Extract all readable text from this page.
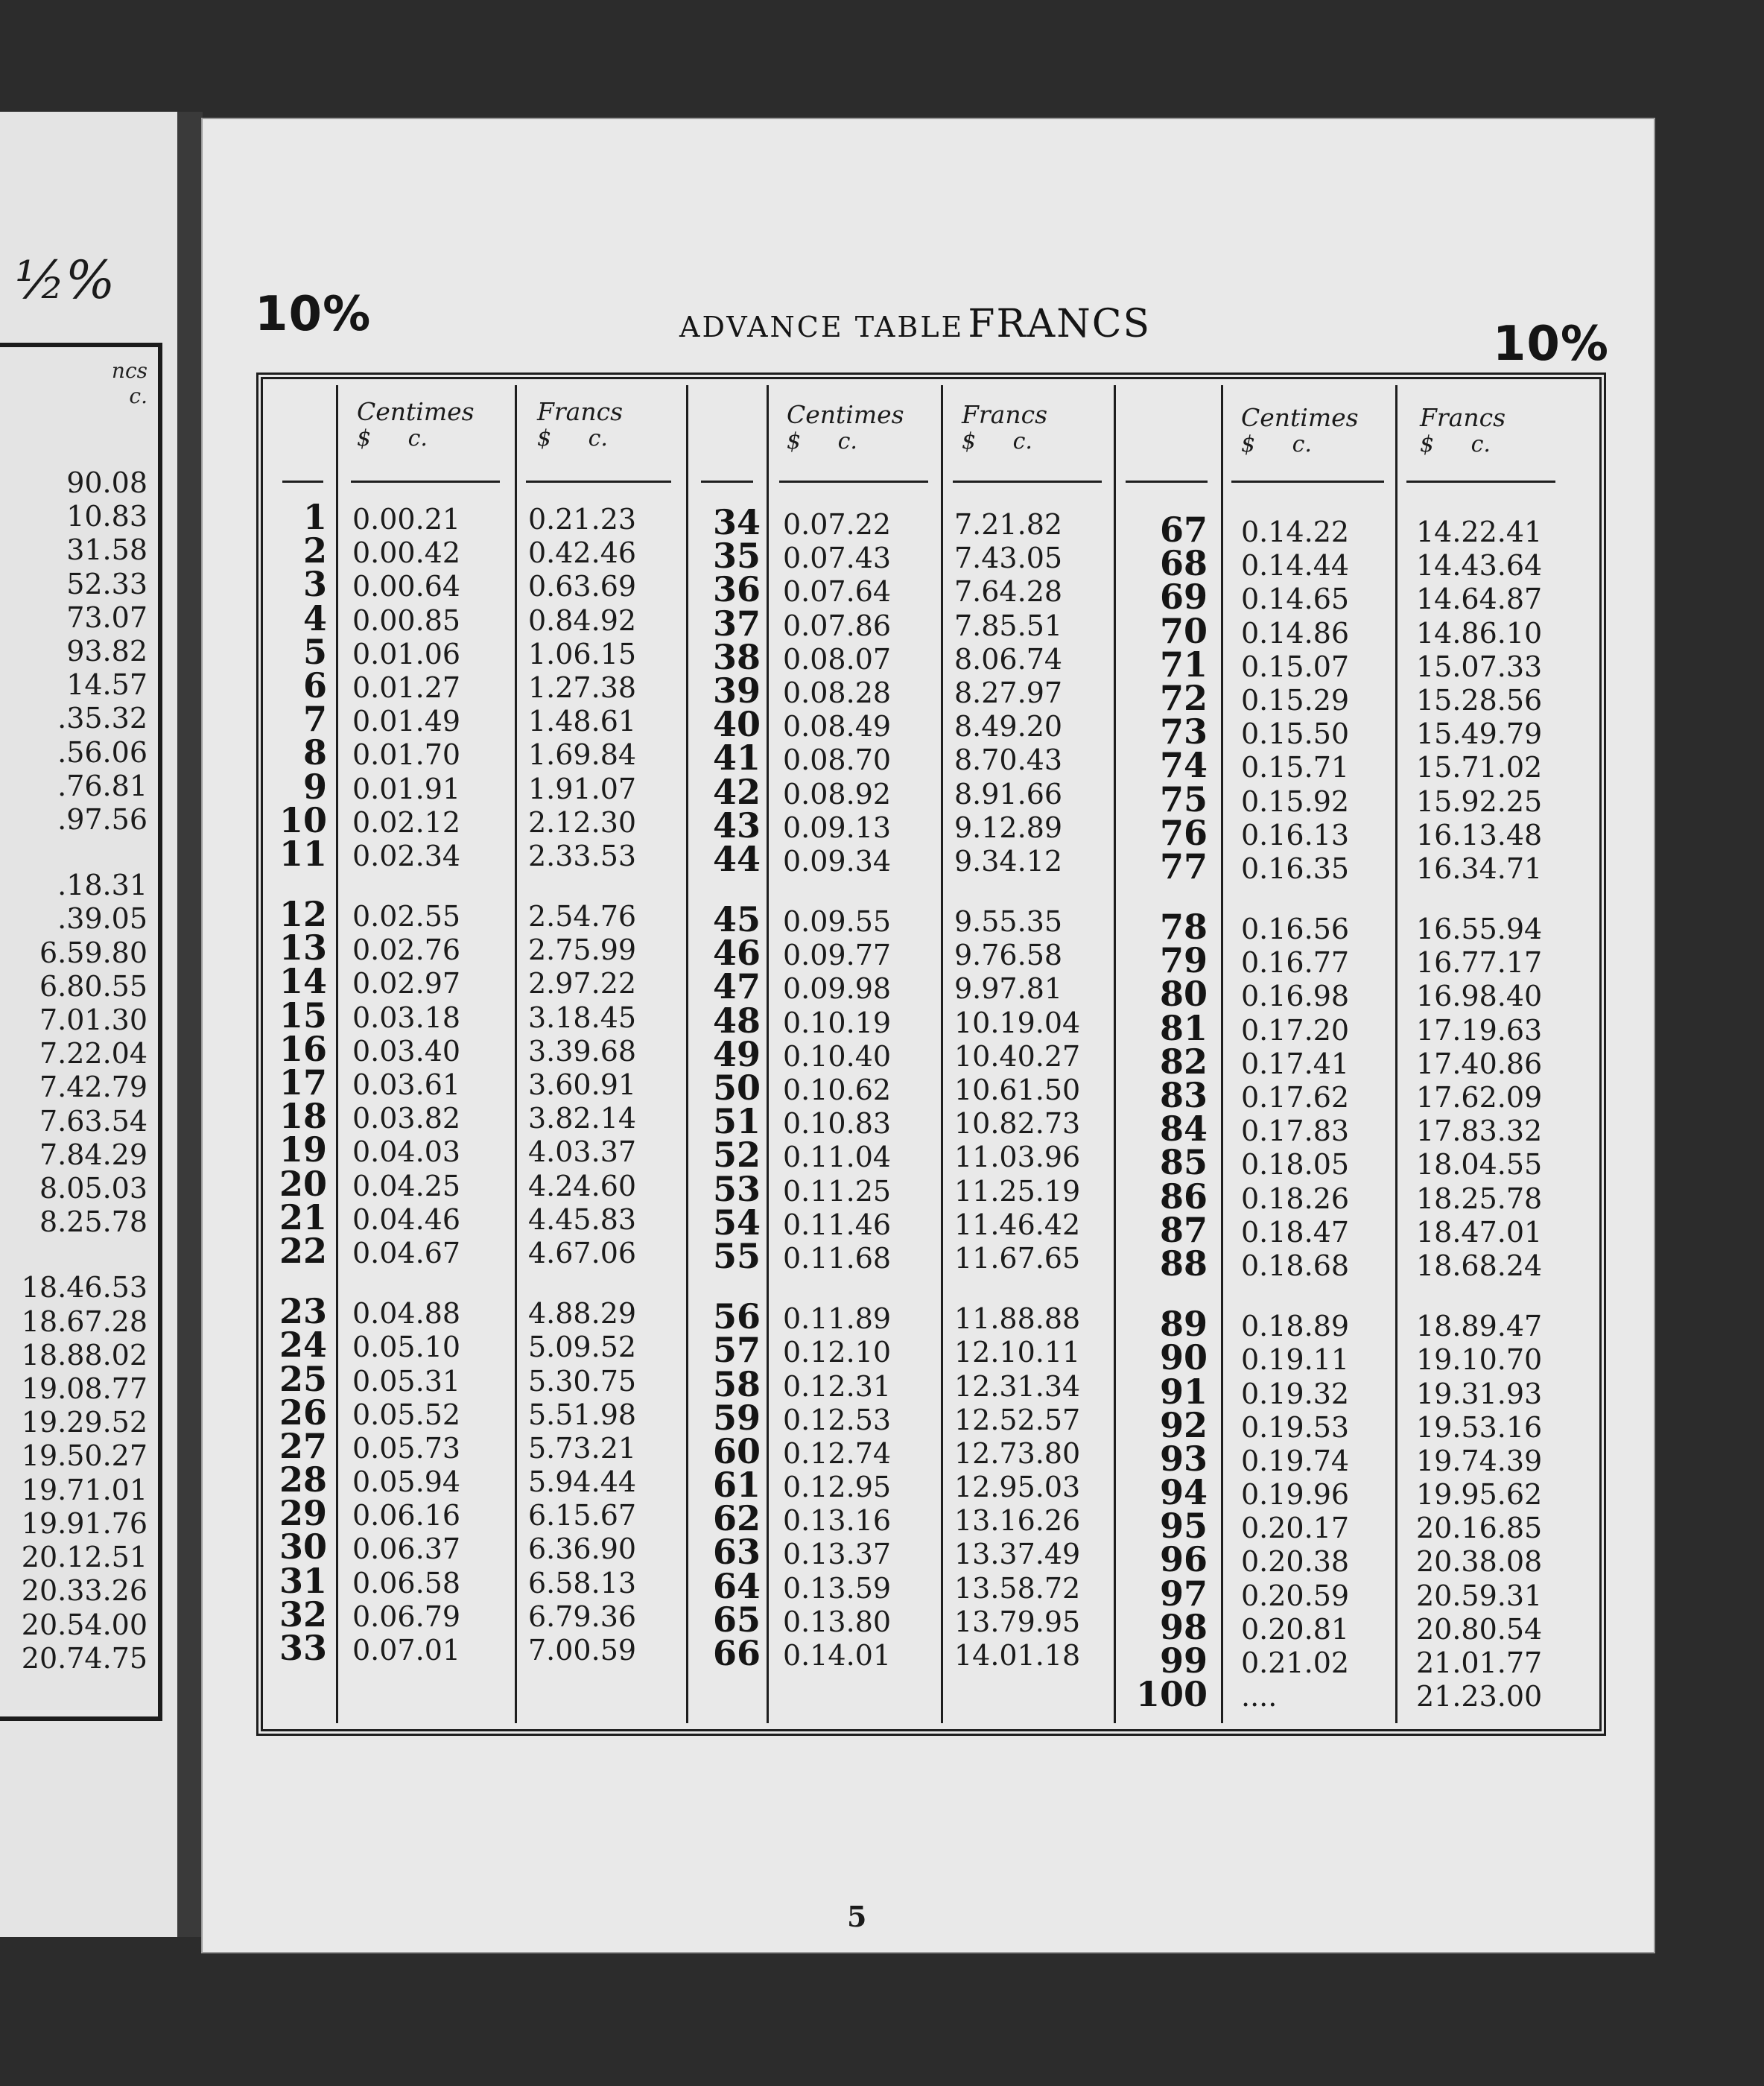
½%
ncs
c.
90.08
10.83
31.58
52.33
73.07
93.82
14.57
.35.32
.56.06
.76.81
.97.56
.18.31
.39.05
6.59.80
6.80.55
7.01.30
7.22.04
7.42.79
7.63.54
7.84.29
8.05.03
8.25.78
18.46.53
18.67.28
18.88.02
19.08.77
19.29.52
19.50.27
19.71.01
19.91.76
20.12.51
20.33.26
20.54.00
20.74.75
10%	ADVANCE TABLE FRANCS	10%
Centimes
$ c.
Francs
$ c.
Centimes
$ c.
Francs
$ c.
Centimes
$ c.
Francs
$ c.
1
2
3
4
5
6
7
8
9
10
11
12
13
14
15
16
17
18
19
20
21
22
23
24
25
26
27
28
29
30
31
32
33
0.00.21
0.00.42
0.00.64
0.00.85
0.01.06
0.01.27
0.01.49
0.01.70
0.01.91
0.02.12
0.02.34
0.02.55
0.02.76
0.02.97
0.03.18
0.03.40
0.03.61
0.03.82
0.04.03
0.04.25
0.04.46
0.04.67
0.04.88
0.05.10
0.05.31
0.05.52
0.05.73
0.05.94
0.06.16
0.06.37
0.06.58
0.06.79
0.07.01
0.21.23
0.42.46
0.63.69
0.84.92
1.06.15
1.27.38
1.48.61
1.69.84
1.91.07
2.12.30
2.33.53
2.54.76
2.75.99
2.97.22
3.18.45
3.39.68
3.60.91
3.82.14
4.03.37
4.24.60
4.45.83
4.67.06
4.88.29
5.09.52
5.30.75
5.51.98
5.73.21
5.94.44
6.15.67
6.36.90
6.58.13
6.79.36
7.00.59
34
35
36
37
38
39
40
41
42
43
44
45
46
47
48
49
50
51
52
53
54
55
56
57
58
59
60
61
62
63
64
65
66
0.07.22
0.07.43
0.07.64
0.07.86
0.08.07
0.08.28
0.08.49
0.08.70
0.08.92
0.09.13
0.09.34
0.09.55
0.09.77
0.09.98
0.10.19
0.10.40
0.10.62
0.10.83
0.11.04
0.11.25
0.11.46
0.11.68
0.11.89
0.12.10
0.12.31
0.12.53
0.12.74
0.12.95
0.13.16
0.13.37
0.13.59
0.13.80
0.14.01
7.21.82
7.43.05
7.64.28
7.85.51
8.06.74
8.27.97
8.49.20
8.70.43
8.91.66
9.12.89
9.34.12
9.55.35
9.76.58
9.97.81
10.19.04
10.40.27
10.61.50
10.82.73
11.03.96
11.25.19
11.46.42
11.67.65
11.88.88
12.10.11
12.31.34
12.52.57
12.73.80
12.95.03
13.16.26
13.37.49
13.58.72
13.79.95
14.01.18
67
68
69
70
71
72
73
74
75
76
77
78
79
80
81
82
83
84
85
86
87
88
89
90
91
92
93
94
95
96
97
98
99
100
0.14.22
0.14.44
0.14.65
0.14.86
0.15.07
0.15.29
0.15.50
0.15.71
0.15.92
0.16.13
0.16.35
0.16.56
0.16.77
0.16.98
0.17.20
0.17.41
0.17.62
0.17.83
0.18.05
0.18.26
0.18.47
0.18.68
0.18.89
0.19.11
0.19.32
0.19.53
0.19.74
0.19.96
0.20.17
0.20.38
0.20.59
0.20.81
0.21.02
....
14.22.41
14.43.64
14.64.87
14.86.10
15.07.33
15.28.56
15.49.79
15.71.02
15.92.25
16.13.48
16.34.71
16.55.94
16.77.17
16.98.40
17.19.63
17.40.86
17.62.09
17.83.32
18.04.55
18.25.78
18.47.01
18.68.24
18.89.47
19.10.70
19.31.93
19.53.16
19.74.39
19.95.62
20.16.85
20.38.08
20.59.31
20.80.54
21.01.77
21.23.00
5
